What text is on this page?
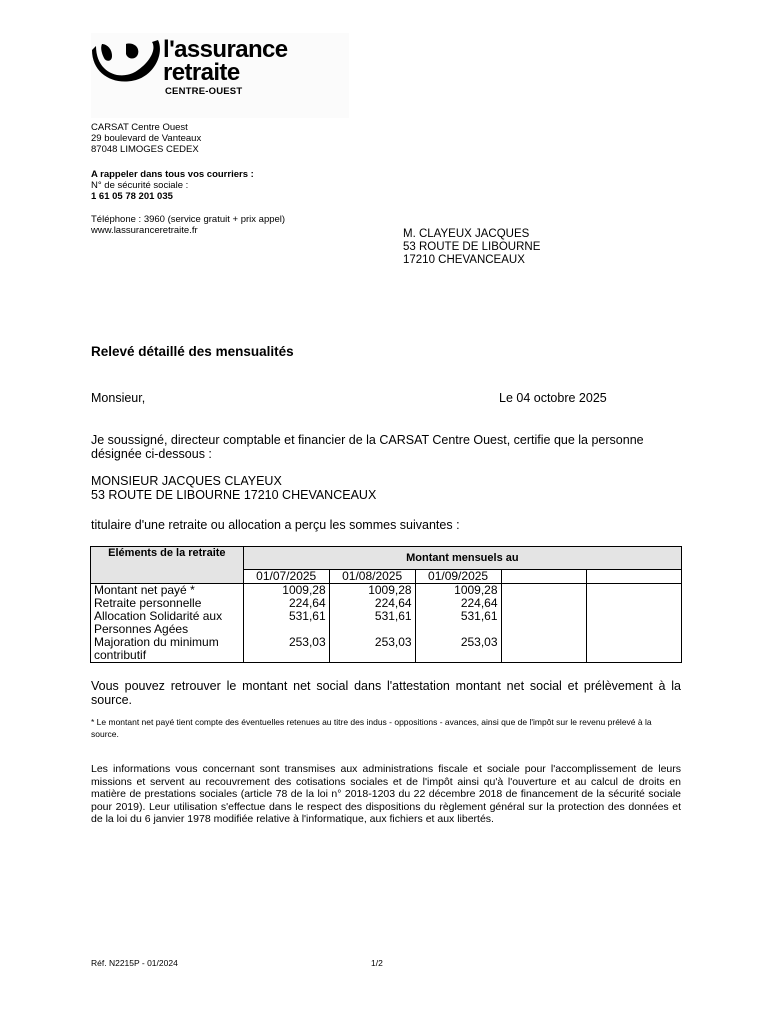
l'assurance
retraite
CENTRE-OUEST
CARSAT Centre Ouest
29 boulevard de Vanteaux
87048 LIMOGES CEDEX
A rappeler dans tous vos courriers :
N° de sécurité sociale :
1 61 05 78 201 035
Téléphone : 3960 (service gratuit + prix appel)
www.lassuranceretraite.fr	M. CLAYEUX JACQUES
53 ROUTE DE LIBOURNE
17210 CHEVANCEAUX
Relevé détaillé des mensualités
Monsieur,	Le 04 octobre 2025
Je soussigné, directeur comptable et financier de la CARSAT Centre Ouest, certifie que la personne désignée ci-dessous :
MONSIEUR JACQUES CLAYEUX
53 ROUTE DE LIBOURNE 17210 CHEVANCEAUX
titulaire d'une retraite ou allocation a perçu les sommes suivantes :
Eléments de la retraite	Montant mensuels au				
	01/07/2025	01/08/2025	01/09/2025		
Montant net payé *	1009,28	1009,28	1009,28		
Retraite personnelle	224,64	224,64	224,64		
Allocation Solidarité aux Personnes Agées	531,61	531,61	531,61		
Majoration du minimum contributif	253,03	253,03	253,03		
Vous pouvez retrouver le montant net social dans l'attestation montant net social et prélèvement à la source.
* Le montant net payé tient compte des éventuelles retenues au titre des indus - oppositions - avances, ainsi que de l'impôt sur le revenu prélevé à la source.
Les informations vous concernant sont transmises aux administrations fiscale et sociale pour l'accomplissement de leurs missions et servent au recouvrement des cotisations sociales et de l'impôt ainsi qu'à l'ouverture et au calcul de droits en matière de prestations sociales (article 78 de la loi n° 2018-1203 du 22 décembre 2018 de financement de la sécurité sociale pour 2019). Leur utilisation s'effectue dans le respect des dispositions du règlement général sur la protection des données et de la loi du 6 janvier 1978 modifiée relative à l'informatique, aux fichiers et aux libertés.
Réf. N2215P - 01/2024	1/2
